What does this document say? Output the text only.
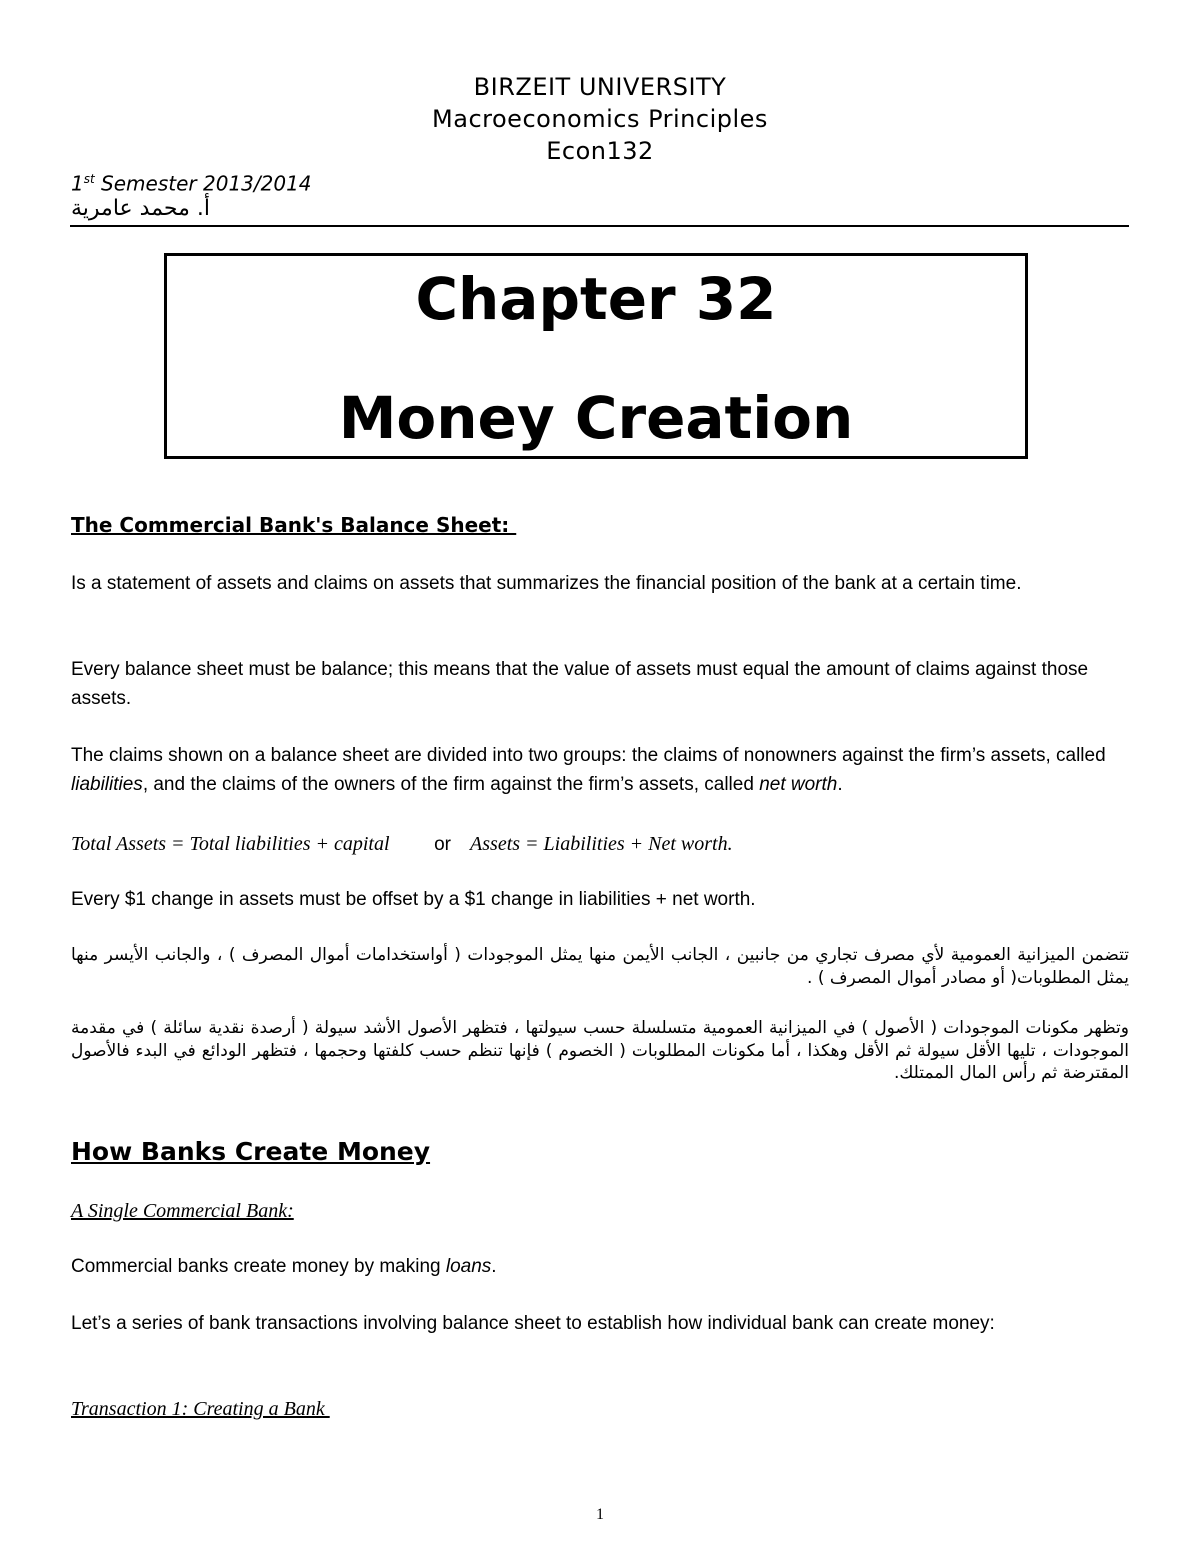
BIRZEIT UNIVERSITY
Macroeconomics Principles
Econ132
1st Semester 2013/2014
أ. محمد عامرية
Chapter 32
Money Creation
The Commercial Bank's Balance Sheet:
Is a statement of assets and claims on assets that summarizes the financial position of the bank at a certain time.
Every balance sheet must be balance; this means that the value of assets must equal the amount of claims against those assets.
The claims shown on a balance sheet are divided into two groups: the claims of nonowners against the firm’s assets, called liabilities, and the claims of the owners of the firm against the firm’s assets, called net worth.
Total Assets = Total liabilities + capital or Assets = Liabilities + Net worth.
Every $1 change in assets must be offset by a $1 change in liabilities + net worth.
تتضمن الميزانية العمومية لأي مصرف تجاري من جانبين ، الجانب الأيمن منها يمثل الموجودات ( أواستخدامات أموال المصرف ) ، والجانب الأيسر منها يمثل المطلوبات( أو مصادر أموال المصرف ) .
وتظهر مكونات الموجودات ( الأصول ) في الميزانية العمومية متسلسلة حسب سيولتها ، فتظهر الأصول الأشد سيولة ( أرصدة نقدية سائلة ) في مقدمة الموجودات ، تليها الأقل سيولة ثم الأقل وهكذا ، أما مكونات المطلوبات ( الخصوم ) فإنها تنظم حسب كلفتها وحجمها ، فتظهر الودائع في البدء فالأصول المقترضة ثم رأس المال الممتلك.
How Banks Create Money
A Single Commercial Bank:
Commercial banks create money by making loans.
Let’s a series of bank transactions involving balance sheet to establish how individual bank can create money:
Transaction 1: Creating a Bank
1
